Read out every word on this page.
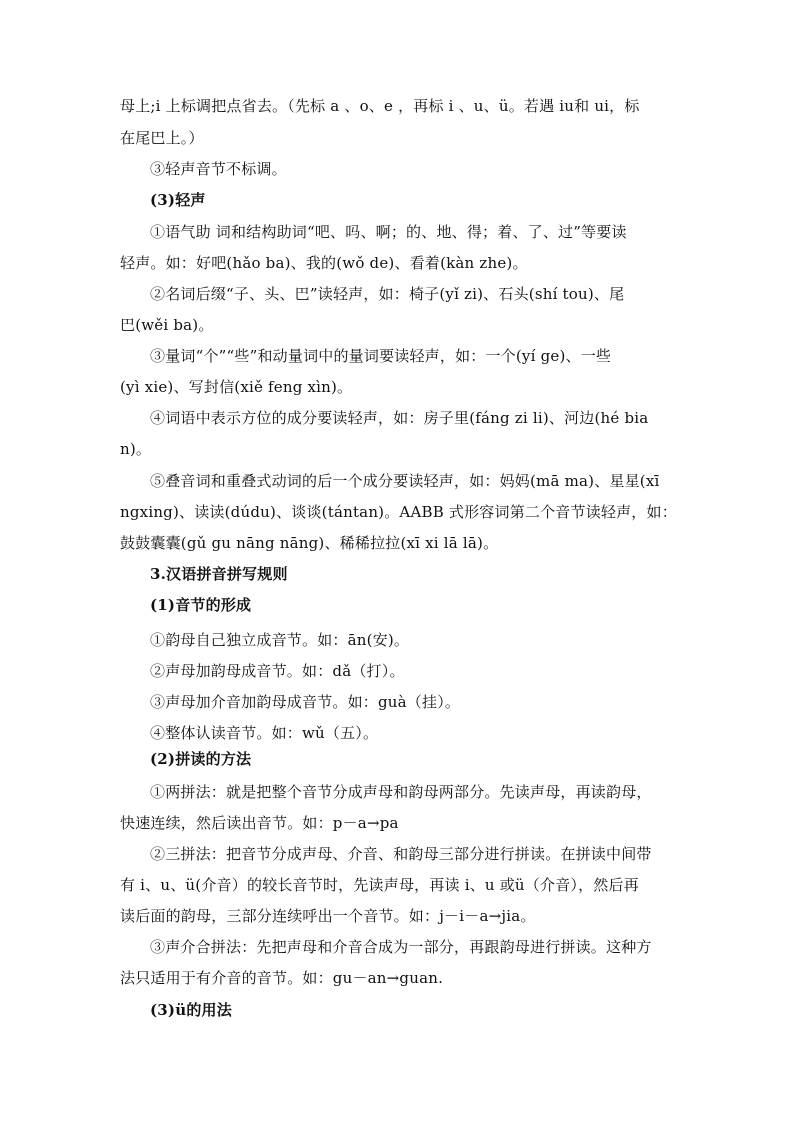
母上;i 上标调把点省去。（先标 a 、o、e ，再标 i 、u、ü。若遇 iu和 ui，标
在尾巴上。）
③轻声音节不标调。
(3)轻声
①语气助 词和结构助词“吧、吗、啊；的、地、得；着、了、过”等要读
轻声。如：好吧(hǎo ba)、我的(wǒ de)、看着(kàn zhe)。
②名词后缀“子、头、巴”读轻声，如：椅子(yǐ zi)、石头(shí tou)、尾
巴(wěi ba)。
③量词“个”“些”和动量词中的量词要读轻声，如：一个(yí ge)、一些
(yì xie)、写封信(xiě feng xìn)。
④词语中表示方位的成分要读轻声，如：房子里(fáng zi li)、河边(hé bia
n)。
⑤叠音词和重叠式动词的后一个成分要读轻声，如：妈妈(mā ma)、星星(xī
ngxing)、读读(dúdu)、谈谈(tántan)。AABB 式形容词第二个音节读轻声，如：
鼓鼓囊囊(gǔ gu nāng nāng)、稀稀拉拉(xī xi lā lā)。
3.汉语拼音拼写规则
(1)音节的形成
①韵母自己独立成音节。如：ān(安)。
②声母加韵母成音节。如：dǎ（打）。
③声母加介音加韵母成音节。如：guà（挂）。
④整体认读音节。如：wǔ（五）。
(2)拼读的方法
①两拼法：就是把整个音节分成声母和韵母两部分。先读声母，再读韵母，
快速连续，然后读出音节。如：p－a→pa
②三拼法：把音节分成声母、介音、和韵母三部分进行拼读。在拼读中间带
有 i、u、ü(介音）的较长音节时，先读声母，再读 i、u 或ü（介音），然后再
读后面的韵母，三部分连续呼出一个音节。如：j－i－a→jia。
③声介合拼法：先把声母和介音合成为一部分，再跟韵母进行拼读。这种方
法只适用于有介音的音节。如：gu－an→guan.
(3)ü的用法
